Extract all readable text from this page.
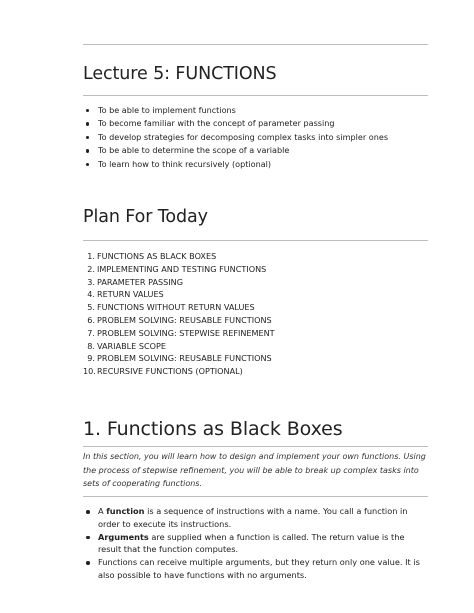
Lecture 5: FUNCTIONS
To be able to implement functions
To become familiar with the concept of parameter passing
To develop strategies for decomposing complex tasks into simpler ones
To be able to determine the scope of a variable
To learn how to think recursively (optional)
Plan For Today
1. FUNCTIONS AS BLACK BOXES
2. IMPLEMENTING AND TESTING FUNCTIONS
3. PARAMETER PASSING
4. RETURN VALUES
5. FUNCTIONS WITHOUT RETURN VALUES
6. PROBLEM SOLVING: REUSABLE FUNCTIONS
7. PROBLEM SOLVING: STEPWISE REFINEMENT
8. VARIABLE SCOPE
9. PROBLEM SOLVING: REUSABLE FUNCTIONS
10.RECURSIVE FUNCTIONS (OPTIONAL)
1. Functions as Black Boxes
In this section, you will learn how to design and implement your own functions. Using the process of stepwise refinement, you will be able to break up complex tasks into sets of cooperating functions.
A function is a sequence of instructions with a name. You call a function in order to execute its instructions.
Arguments are supplied when a function is called. The return value is the result that the function computes.
Functions can receive multiple arguments, but they return only one value. It is also possible to have functions with no arguments.
